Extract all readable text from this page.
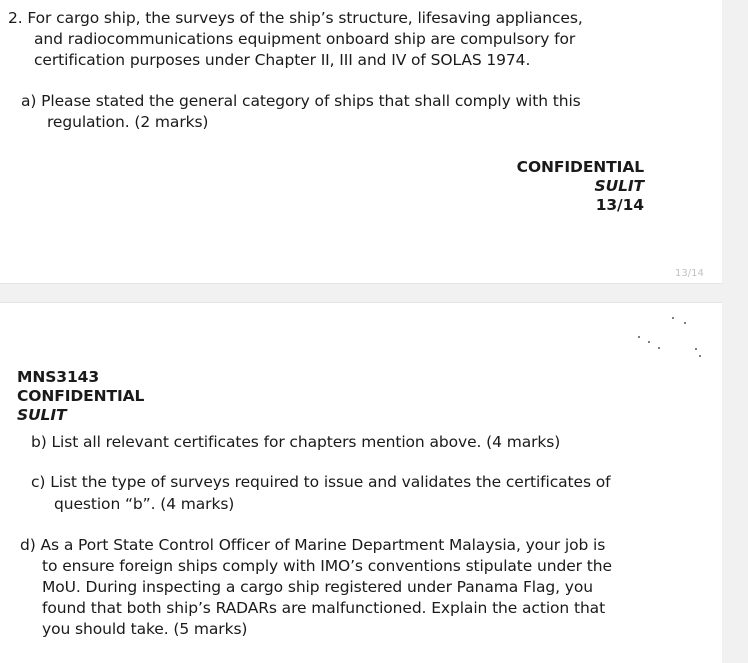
2. For cargo ship, the surveys of the ship’s structure, lifesaving appliances,
and radiocommunications equipment onboard ship are compulsory for
certification purposes under Chapter II, III and IV of SOLAS 1974.
a) Please stated the general category of ships that shall comply with this
regulation. (2 marks)
CONFIDENTIAL
SULIT
13/14
13/14
MNS3143
CONFIDENTIAL
SULIT
b) List all relevant certificates for chapters mention above. (4 marks)
c) List the type of surveys required to issue and validates the certificates of
question “b”. (4 marks)
d) As a Port State Control Officer of Marine Department Malaysia, your job is
to ensure foreign ships comply with IMO’s conventions stipulate under the
MoU. During inspecting a cargo ship registered under Panama Flag, you
found that both ship’s RADARs are malfunctioned. Explain the action that
you should take. (5 marks)
